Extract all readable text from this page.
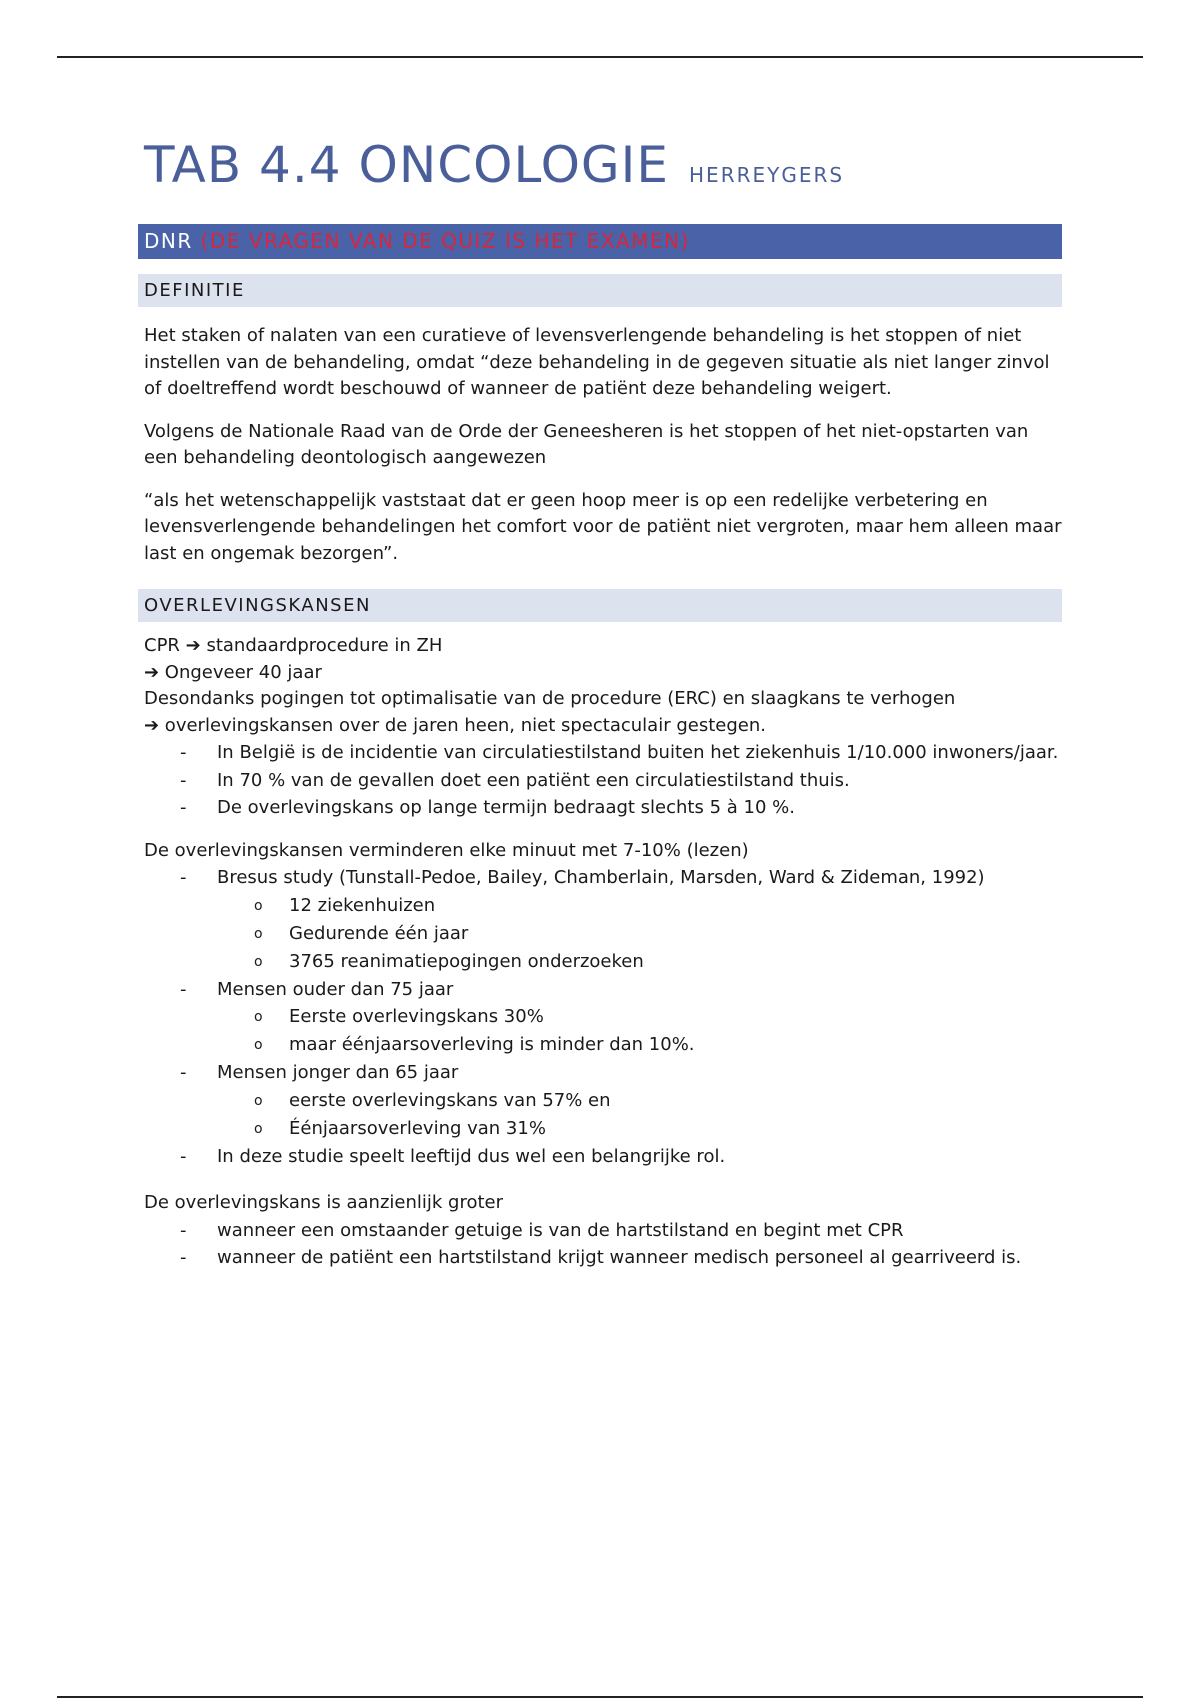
TAB 4.4 ONCOLOGIE HERREYGERS
DNR (DE VRAGEN VAN DE QUIZ IS HET EXAMEN)
DEFINITIE

Het staken of nalaten van een curatieve of levensverlengende behandeling is het stoppen of niet instellen van de behandeling, omdat “deze behandeling in de gegeven situatie als niet langer zinvol of doeltreffend wordt beschouwd of wanneer de patiënt deze behandeling weigert.

Volgens de Nationale Raad van de Orde der Geneesheren is het stoppen of het niet-opstarten van een behandeling deontologisch aangewezen

“als het wetenschappelijk vaststaat dat er geen hoop meer is op een redelijke verbetering en levensverlengende behandelingen het comfort voor de patiënt niet vergroten, maar hem alleen maar last en ongemak bezorgen”.

OVERLEVINGSKANSEN

CPR ➔ standaardprocedure in ZH
➔ Ongeveer 40 jaar
Desondanks pogingen tot optimalisatie van de procedure (ERC) en slaagkans te verhogen
➔ overlevingskansen over de jaren heen, niet spectaculair gestegen.

- In België is de incidentie van circulatiestilstand buiten het ziekenhuis 1/10.000 inwoners/jaar.
- In 70 % van de gevallen doet een patiënt een circulatiestilstand thuis.
- De overlevingskans op lange termijn bedraagt slechts 5 à 10 %.

De overlevingskansen verminderen elke minuut met 7-10% (lezen)

- Bresus study (Tunstall-Pedoe, Bailey, Chamberlain, Marsden, Ward & Zideman, 1992)
o 12 ziekenhuizen
o Gedurende één jaar
o 3765 reanimatiepogingen onderzoeken
- Mensen ouder dan 75 jaar
o Eerste overlevingskans 30%
o maar éénjaarsoverleving is minder dan 10%.
- Mensen jonger dan 65 jaar
o eerste overlevingskans van 57% en
o Éénjaarsoverleving van 31%
- In deze studie speelt leeftijd dus wel een belangrijke rol.

De overlevingskans is aanzienlijk groter

- wanneer een omstaander getuige is van de hartstilstand en begint met CPR
- wanneer de patiënt een hartstilstand krijgt wanneer medisch personeel al gearriveerd is.
